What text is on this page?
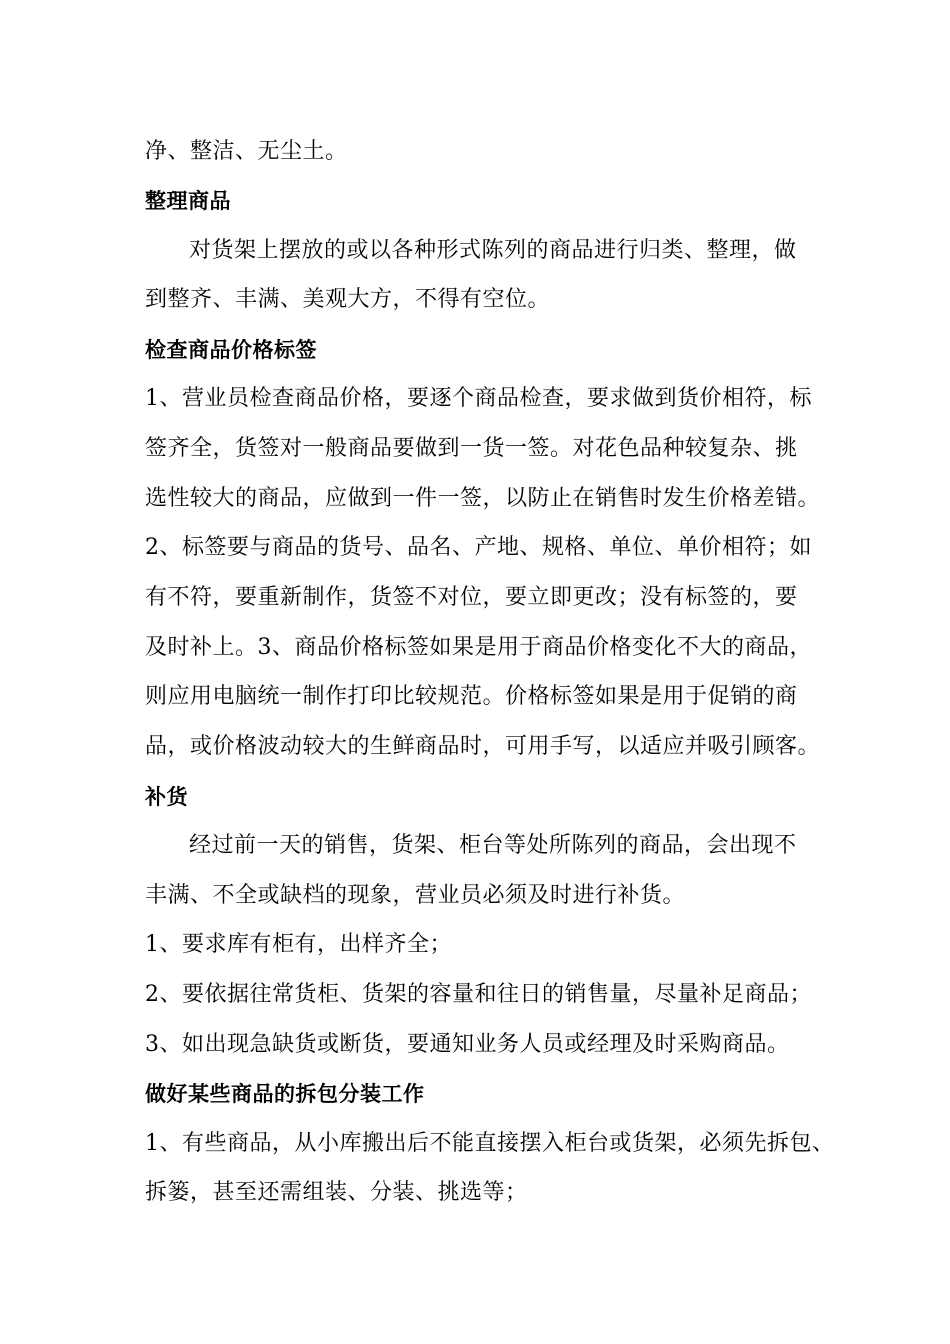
净、整洁、无尘土。
整理商品
对货架上摆放的或以各种形式陈列的商品进行归类、整理，做
到整齐、丰满、美观大方，不得有空位。
检查商品价格标签
1、营业员检查商品价格，要逐个商品检查，要求做到货价相符，标
签齐全，货签对一般商品要做到一货一签。对花色品种较复杂、挑
选性较大的商品，应做到一件一签，以防止在销售时发生价格差错。
2、标签要与商品的货号、品名、产地、规格、单位、单价相符；如
有不符，要重新制作，货签不对位，要立即更改；没有标签的，要
及时补上。3、商品价格标签如果是用于商品价格变化不大的商品，
则应用电脑统一制作打印比较规范。价格标签如果是用于促销的商
品，或价格波动较大的生鲜商品时，可用手写，以适应并吸引顾客。
补货
经过前一天的销售，货架、柜台等处所陈列的商品，会出现不
丰满、不全或缺档的现象，营业员必须及时进行补货。
1、要求库有柜有，出样齐全；
2、要依据往常货柜、货架的容量和往日的销售量，尽量补足商品；
3、如出现急缺货或断货，要通知业务人员或经理及时采购商品。
做好某些商品的拆包分装工作
1、有些商品，从小库搬出后不能直接摆入柜台或货架，必须先拆包、
拆篓，甚至还需组装、分装、挑选等；
